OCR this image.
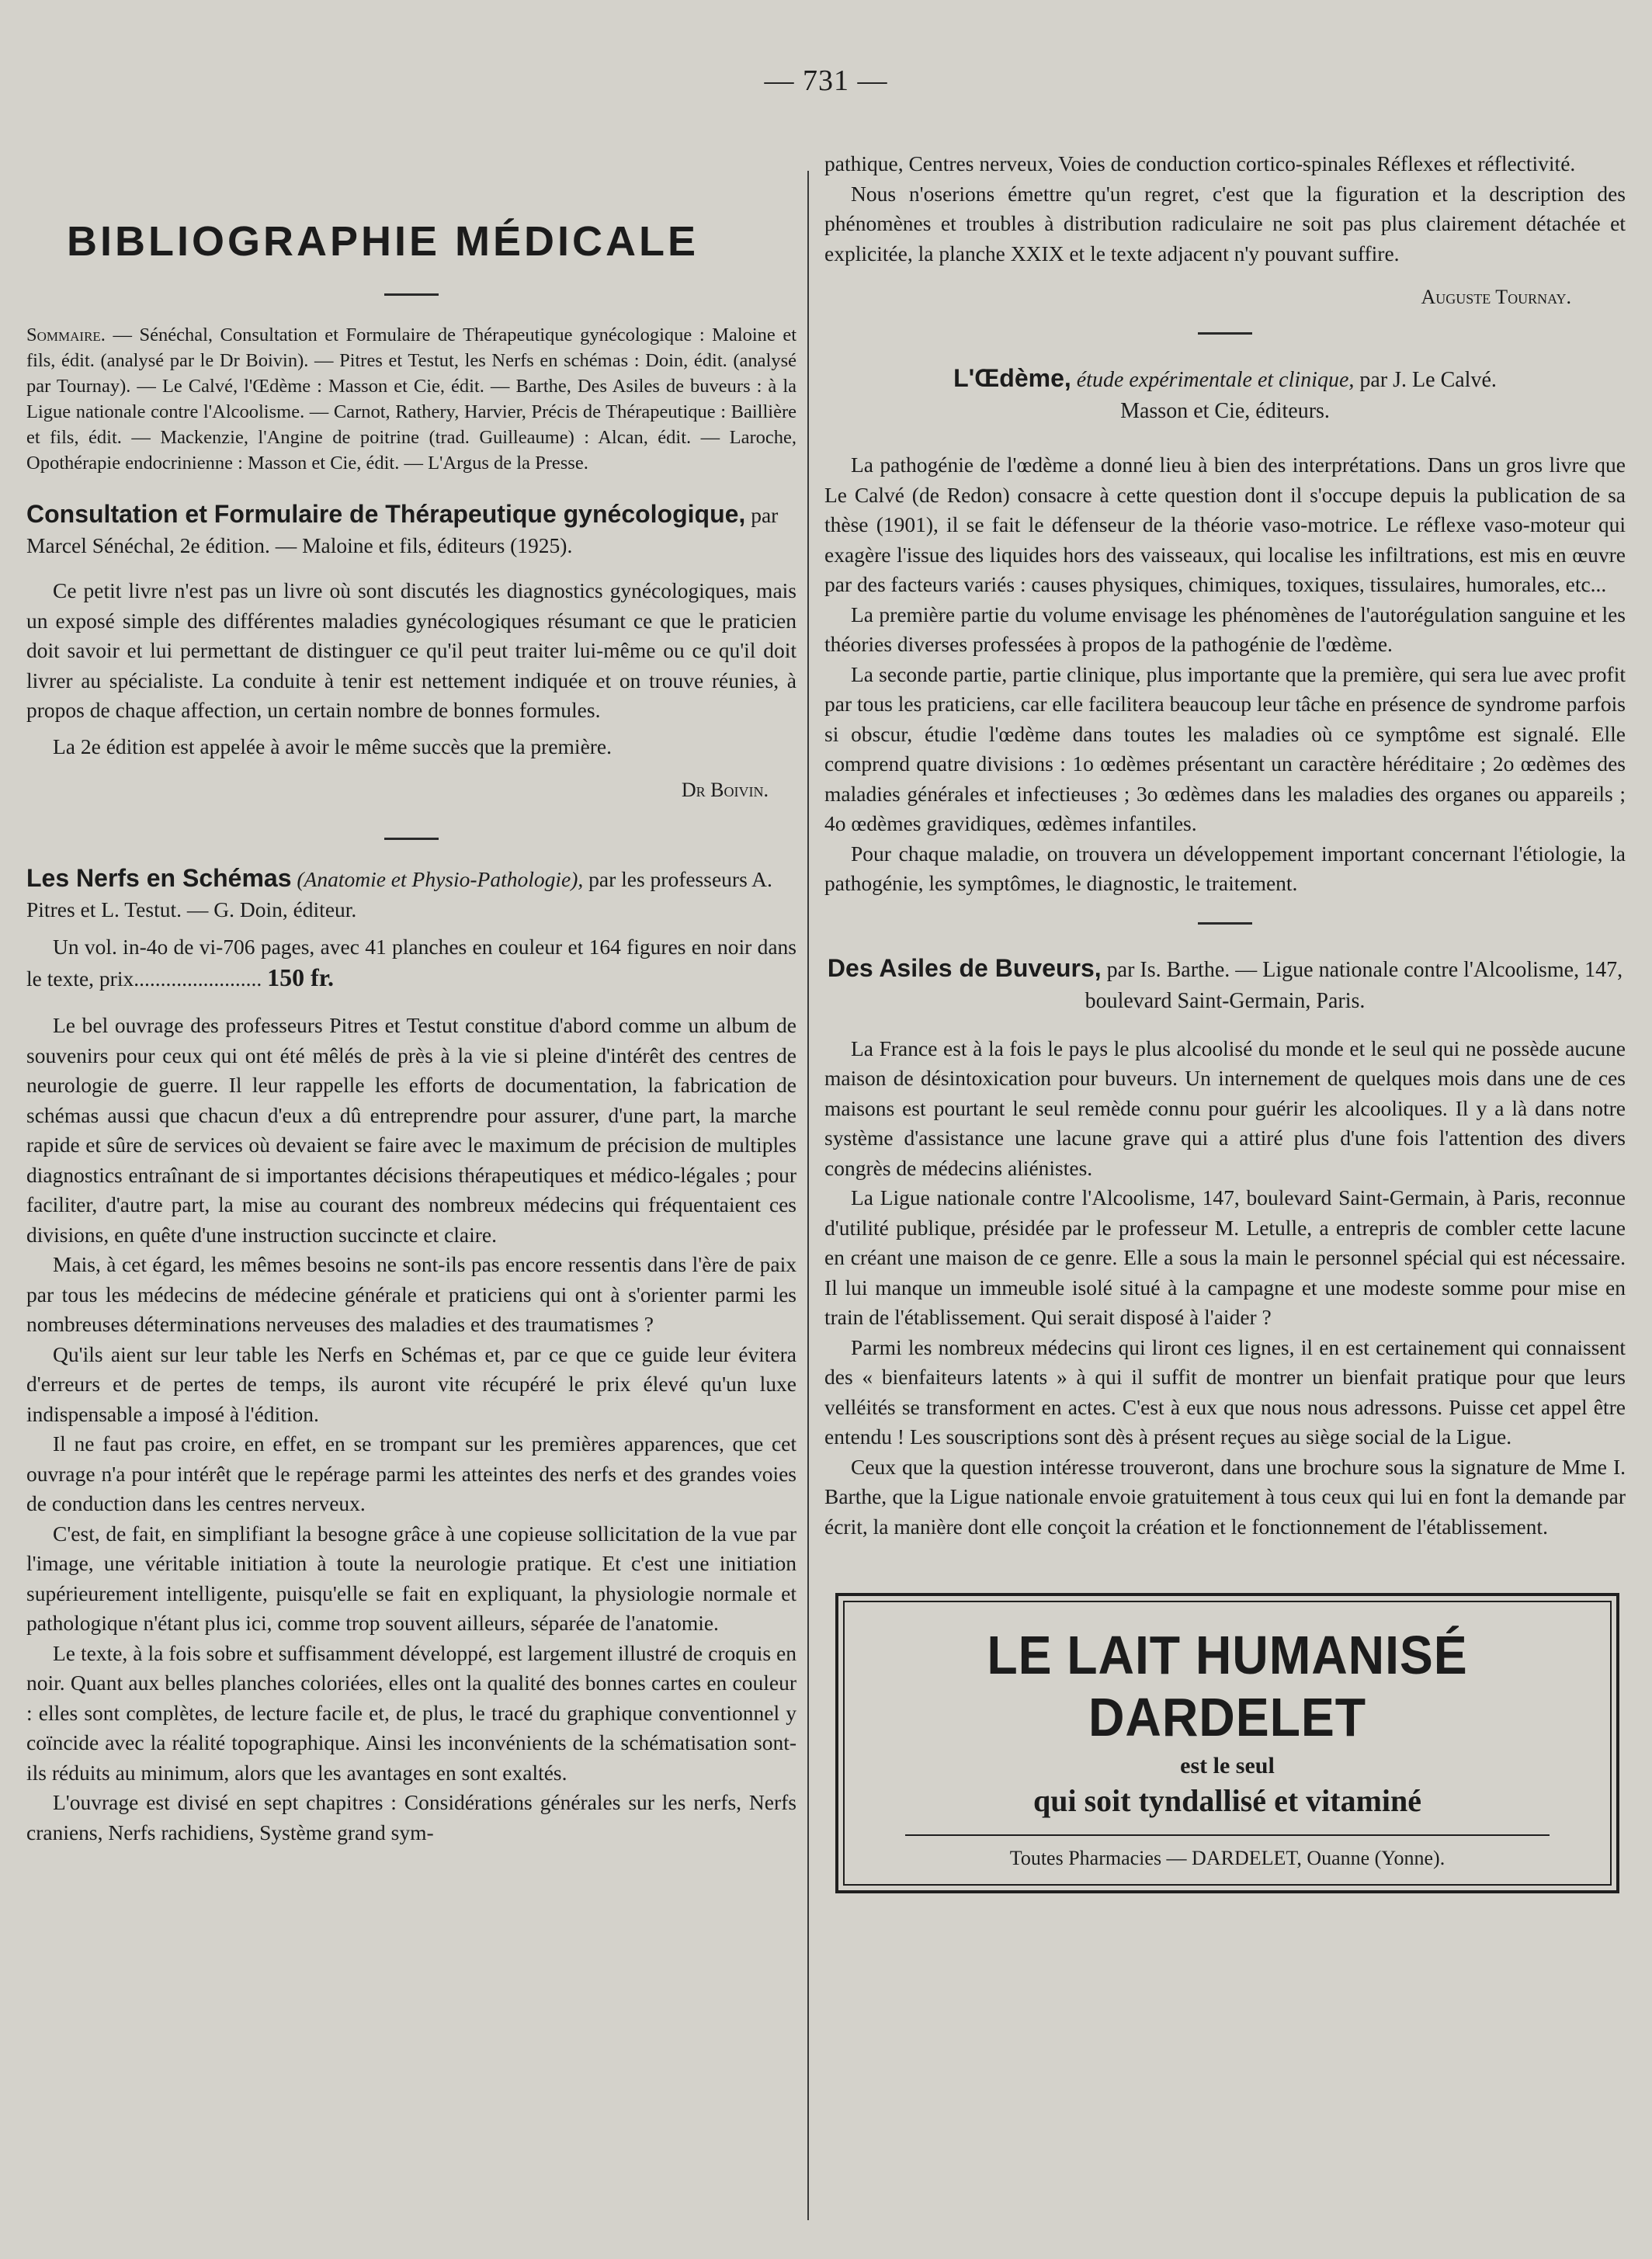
— 731 —
BIBLIOGRAPHIE MÉDICALE

Sommaire. — Sénéchal, Consultation et Formulaire de Thérapeutique gynécologique : Maloine et fils, édit. (analysé par le Dr Boivin). — Pitres et Testut, les Nerfs en schémas : Doin, édit. (analysé par Tournay). — Le Calvé, l'Œdème : Masson et Cie, édit. — Barthe, Des Asiles de buveurs : à la Ligue nationale contre l'Alcoolisme. — Carnot, Rathery, Harvier, Précis de Thérapeutique : Baillière et fils, édit. — Mackenzie, l'Angine de poitrine (trad. Guilleaume) : Alcan, édit. — Laroche, Opothérapie endocrinienne : Masson et Cie, édit. — L'Argus de la Presse.

Consultation et Formulaire de Thérapeutique gynécologique, par Marcel Sénéchal, 2e édition. — Maloine et fils, éditeurs (1925).

Ce petit livre n'est pas un livre où sont discutés les diagnostics gynécologiques, mais un exposé simple des différentes maladies gynécologiques résumant ce que le praticien doit savoir et lui permettant de distinguer ce qu'il peut traiter lui-même ou ce qu'il doit livrer au spécialiste. La conduite à tenir est nettement indiquée et on trouve réunies, à propos de chaque affection, un certain nombre de bonnes formules.

La 2e édition est appelée à avoir le même succès que la première.

Dr Boivin.

Les Nerfs en Schémas (Anatomie et Physio-Pathologie), par les professeurs A. Pitres et L. Testut. — G. Doin, éditeur.

Un vol. in-4o de vi-706 pages, avec 41 planches en couleur et 164 figures en noir dans le texte, prix........................ 150 fr.

Le bel ouvrage des professeurs Pitres et Testut constitue d'abord comme un album de souvenirs pour ceux qui ont été mêlés de près à la vie si pleine d'intérêt des centres de neurologie de guerre. Il leur rappelle les efforts de documentation, la fabrication de schémas aussi que chacun d'eux a dû entreprendre pour assurer, d'une part, la marche rapide et sûre de services où devaient se faire avec le maximum de précision de multiples diagnostics entraînant de si importantes décisions thérapeutiques et médico-légales ; pour faciliter, d'autre part, la mise au courant des nombreux médecins qui fréquentaient ces divisions, en quête d'une instruction succincte et claire.

Mais, à cet égard, les mêmes besoins ne sont-ils pas encore ressentis dans l'ère de paix par tous les médecins de médecine générale et praticiens qui ont à s'orienter parmi les nombreuses déterminations nerveuses des maladies et des traumatismes ?

Qu'ils aient sur leur table les Nerfs en Schémas et, par ce que ce guide leur évitera d'erreurs et de pertes de temps, ils auront vite récupéré le prix élevé qu'un luxe indispensable a imposé à l'édition.

Il ne faut pas croire, en effet, en se trompant sur les premières apparences, que cet ouvrage n'a pour intérêt que le repérage parmi les atteintes des nerfs et des grandes voies de conduction dans les centres nerveux.

C'est, de fait, en simplifiant la besogne grâce à une copieuse sollicitation de la vue par l'image, une véritable initiation à toute la neurologie pratique. Et c'est une initiation supérieurement intelligente, puisqu'elle se fait en expliquant, la physiologie normale et pathologique n'étant plus ici, comme trop souvent ailleurs, séparée de l'anatomie.

Le texte, à la fois sobre et suffisamment développé, est largement illustré de croquis en noir. Quant aux belles planches coloriées, elles ont la qualité des bonnes cartes en couleur : elles sont complètes, de lecture facile et, de plus, le tracé du graphique conventionnel y coïncide avec la réalité topographique. Ainsi les inconvénients de la schématisation sont-ils réduits au minimum, alors que les avantages en sont exaltés.

L'ouvrage est divisé en sept chapitres : Considérations générales sur les nerfs, Nerfs craniens, Nerfs rachidiens, Système grand sym-

pathique, Centres nerveux, Voies de conduction cortico-spinales Réflexes et réflectivité.

Nous n'oserions émettre qu'un regret, c'est que la figuration et la description des phénomènes et troubles à distribution radiculaire ne soit pas plus clairement détachée et explicitée, la planche XXIX et le texte adjacent n'y pouvant suffire.

Auguste Tournay.
L'Œdème, étude expérimentale et clinique, par J. Le Calvé.
Masson et Cie, éditeurs.

La pathogénie de l'œdème a donné lieu à bien des interprétations. Dans un gros livre que Le Calvé (de Redon) consacre à cette question dont il s'occupe depuis la publication de sa thèse (1901), il se fait le défenseur de la théorie vaso-motrice. Le réflexe vaso-moteur qui exagère l'issue des liquides hors des vaisseaux, qui localise les infiltrations, est mis en œuvre par des facteurs variés : causes physiques, chimiques, toxiques, tissulaires, humorales, etc...

La première partie du volume envisage les phénomènes de l'autorégulation sanguine et les théories diverses professées à propos de la pathogénie de l'œdème.

La seconde partie, partie clinique, plus importante que la première, qui sera lue avec profit par tous les praticiens, car elle facilitera beaucoup leur tâche en présence de syndrome parfois si obscur, étudie l'œdème dans toutes les maladies où ce symptôme est signalé. Elle comprend quatre divisions : 1o œdèmes présentant un caractère héréditaire ; 2o œdèmes des maladies générales et infectieuses ; 3o œdèmes dans les maladies des organes ou appareils ; 4o œdèmes gravidiques, œdèmes infantiles.

Pour chaque maladie, on trouvera un développement important concernant l'étiologie, la pathogénie, les symptômes, le diagnostic, le traitement.

Des Asiles de Buveurs, par Is. Barthe. — Ligue nationale contre l'Alcoolisme, 147, boulevard Saint-Germain, Paris.

La France est à la fois le pays le plus alcoolisé du monde et le seul qui ne possède aucune maison de désintoxication pour buveurs. Un internement de quelques mois dans une de ces maisons est pourtant le seul remède connu pour guérir les alcooliques. Il y a là dans notre système d'assistance une lacune grave qui a attiré plus d'une fois l'attention des divers congrès de médecins aliénistes.

La Ligue nationale contre l'Alcoolisme, 147, boulevard Saint-Germain, à Paris, reconnue d'utilité publique, présidée par le professeur M. Letulle, a entrepris de combler cette lacune en créant une maison de ce genre. Elle a sous la main le personnel spécial qui est nécessaire. Il lui manque un immeuble isolé situé à la campagne et une modeste somme pour mise en train de l'établissement. Qui serait disposé à l'aider ?

Parmi les nombreux médecins qui liront ces lignes, il en est certainement qui connaissent des « bienfaiteurs latents » à qui il suffit de montrer un bienfait pratique pour que leurs velléités se transforment en actes. C'est à eux que nous nous adressons. Puisse cet appel être entendu ! Les souscriptions sont dès à présent reçues au siège social de la Ligue.

Ceux que la question intéresse trouveront, dans une brochure sous la signature de Mme I. Barthe, que la Ligue nationale envoie gratuitement à tous ceux qui lui en font la demande par écrit, la manière dont elle conçoit la création et le fonctionnement de l'établissement.

LE LAIT HUMANISÉ DARDELET
est le seul
qui soit tyndallisé et vitaminé
Toutes Pharmacies — DARDELET, Ouanne (Yonne).
